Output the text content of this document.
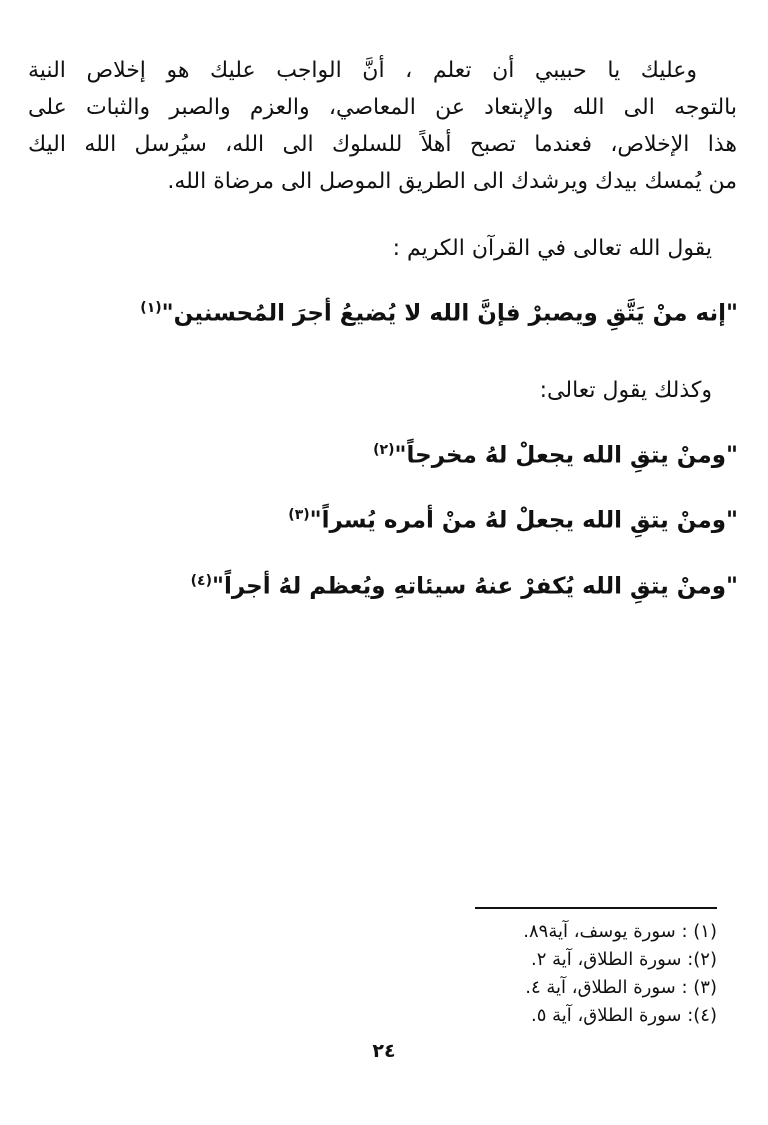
وعليك يا حبيبي أن تعلم ، أنَّ الواجب عليك هو إخلاص النية
بالتوجه الى الله والإبتعاد عن المعاصي، والعزم والصبر والثبات على
هذا الإخلاص، فعندما تصبح أهلاً للسلوك الى الله، سيُرسل الله اليك
من يُمسك بيدك ويرشدك الى الطريق الموصل الى مرضاة الله.
يقول الله تعالى في القرآن الكريم :
"إنه منْ يَتَّقِ ويصبرْ فإنَّ الله لا يُضيعُ أجرَ المُحسنين"$^{(١)}$
وكذلك يقول تعالى:
"ومنْ يتقِ الله يجعلْ لهُ مخرجاً"$^{(٢)}$
"ومنْ يتقِ الله يجعلْ لهُ منْ أمره يُسراً"$^{(٣)}$
"ومنْ يتقِ الله يُكفرْ عنهُ سيئاتهِ ويُعظم لهُ أجراً"$^{(٤)}$
(١) : سورة يوسف، آية٨٩.
(٢): سورة الطلاق، آية ٢.
(٣) : سورة الطلاق، آية ٤.
(٤): سورة الطلاق، آية ٥.
٢٤
